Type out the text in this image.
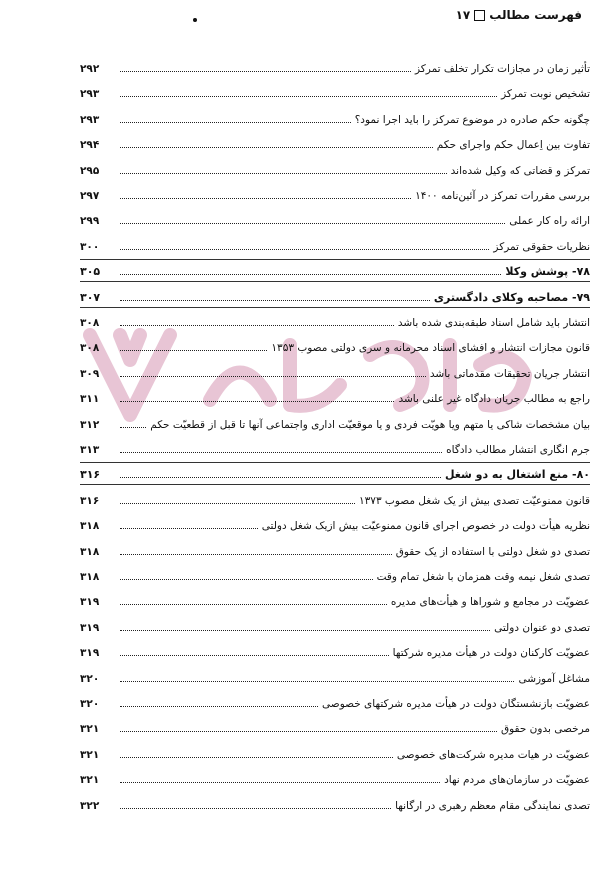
فهرست مطالب
۱۷
تأثیر زمان در مجازات تکرار تخلف تمرکز
۲۹۲
تشخیص نوبت تمرکز
۲۹۳
چگونه حکم صادره در موضوع تمرکز را باید اجرا نمود؟
۲۹۳
تفاوت بین اِعمال حکم واجرای حکم
۲۹۴
تمرکز و قضاتی که وکیل شده‌اند
۲۹۵
بررسی مقررات تمرکز در آئین‌نامه ۱۴۰۰
۲۹۷
ارائه راه کار عملی
۲۹۹
نظریات حقوقی تمرکز
۳۰۰
۷۸- پوشش وکلا
۳۰۵
۷۹- مصاحبه وکلای دادگستری
۳۰۷
انتشار باید شامل اسناد طبقه‌بندی شده باشد
۳۰۸
قانون مجازات انتشار و افشای اسناد محرمانه و سری دولتی مصوب ۱۳۵۳
۳۰۸
انتشار جریان تحقیقات مقدماتی باشد
۳۰۹
راجع به مطالب جریان دادگاه غیر علنی باشد
۳۱۱
بیان مشخصات شاکی یا متهم ویا هویّت فردی و یا موقعیّت اداری واجتماعی آنها تا قبل از قطعیّت حکم
۳۱۲
جرم انگاری انتشار مطالب دادگاه
۳۱۳
۸۰- منع اشتغال به دو شغل
۳۱۶
قانون ممنوعیّت تصدی بیش از یک شغل مصوب ۱۳۷۳
۳۱۶
نظریه هیأت دولت در خصوص اجرای قانون ممنوعیّت بیش ازیک شغل دولتی
۳۱۸
تصدی دو شغل دولتی با استفاده از یک حقوق
۳۱۸
تصدی شغل نیمه وقت همزمان با شغل تمام وقت
۳۱۸
عضویّت در مجامع و شوراها و هیأت‌های مدیره
۳۱۹
تصدی دو عنوان دولتی
۳۱۹
عضویّت کارکنان دولت در هیأت مدیره شرکتها
۳۱۹
مشاغل آموزشی
۳۲۰
عضویّت بازنشستگان دولت در هیأت مدیره شرکتهای خصوصی
۳۲۰
مرخصی بدون حقوق
۳۲۱
عضویّت در هیات مدیره شرکت‌های خصوصی
۳۲۱
عضویّت در سازمان‌های مردم نهاد
۳۲۱
تصدی نمایندگی مقام معظم رهبری در ارگانها
۳۲۲
